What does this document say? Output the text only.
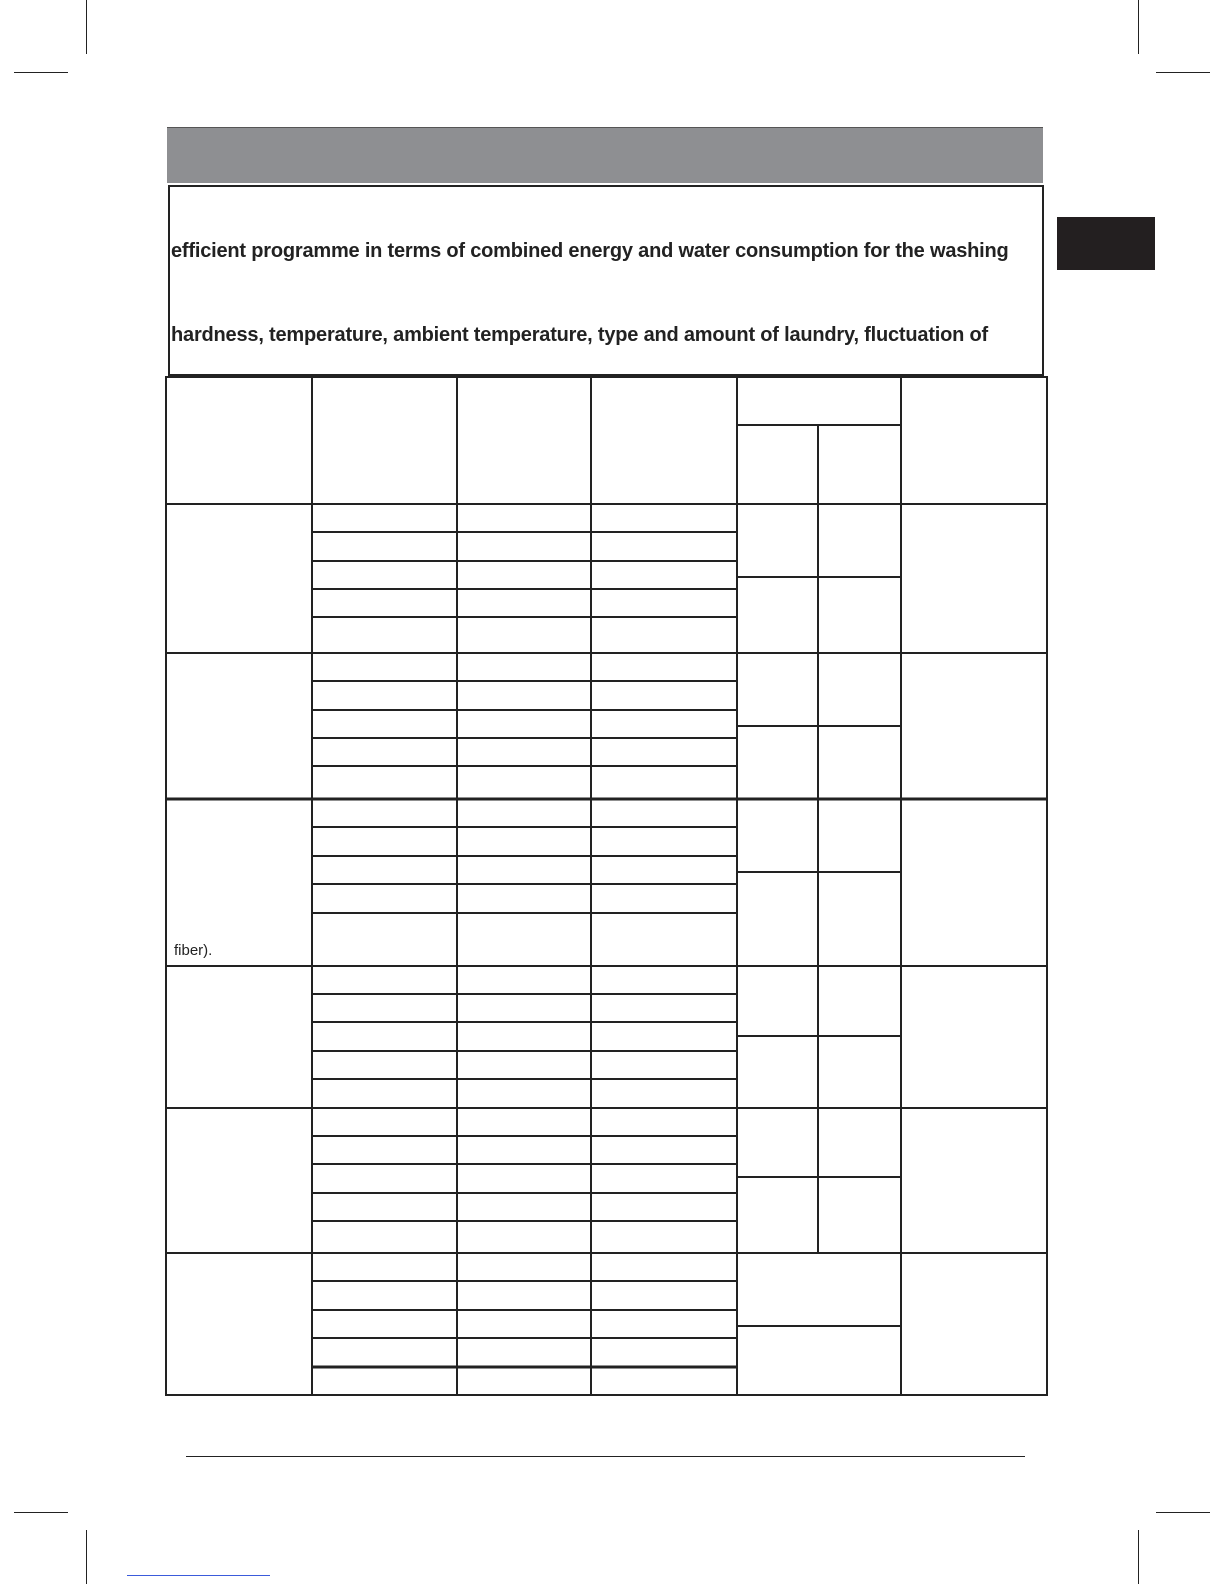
efficient programme in terms of combined energy and water consumption for the washing
hardness, temperature, ambient temperature, type and amount of laundry, fluctuation of
fiber).
